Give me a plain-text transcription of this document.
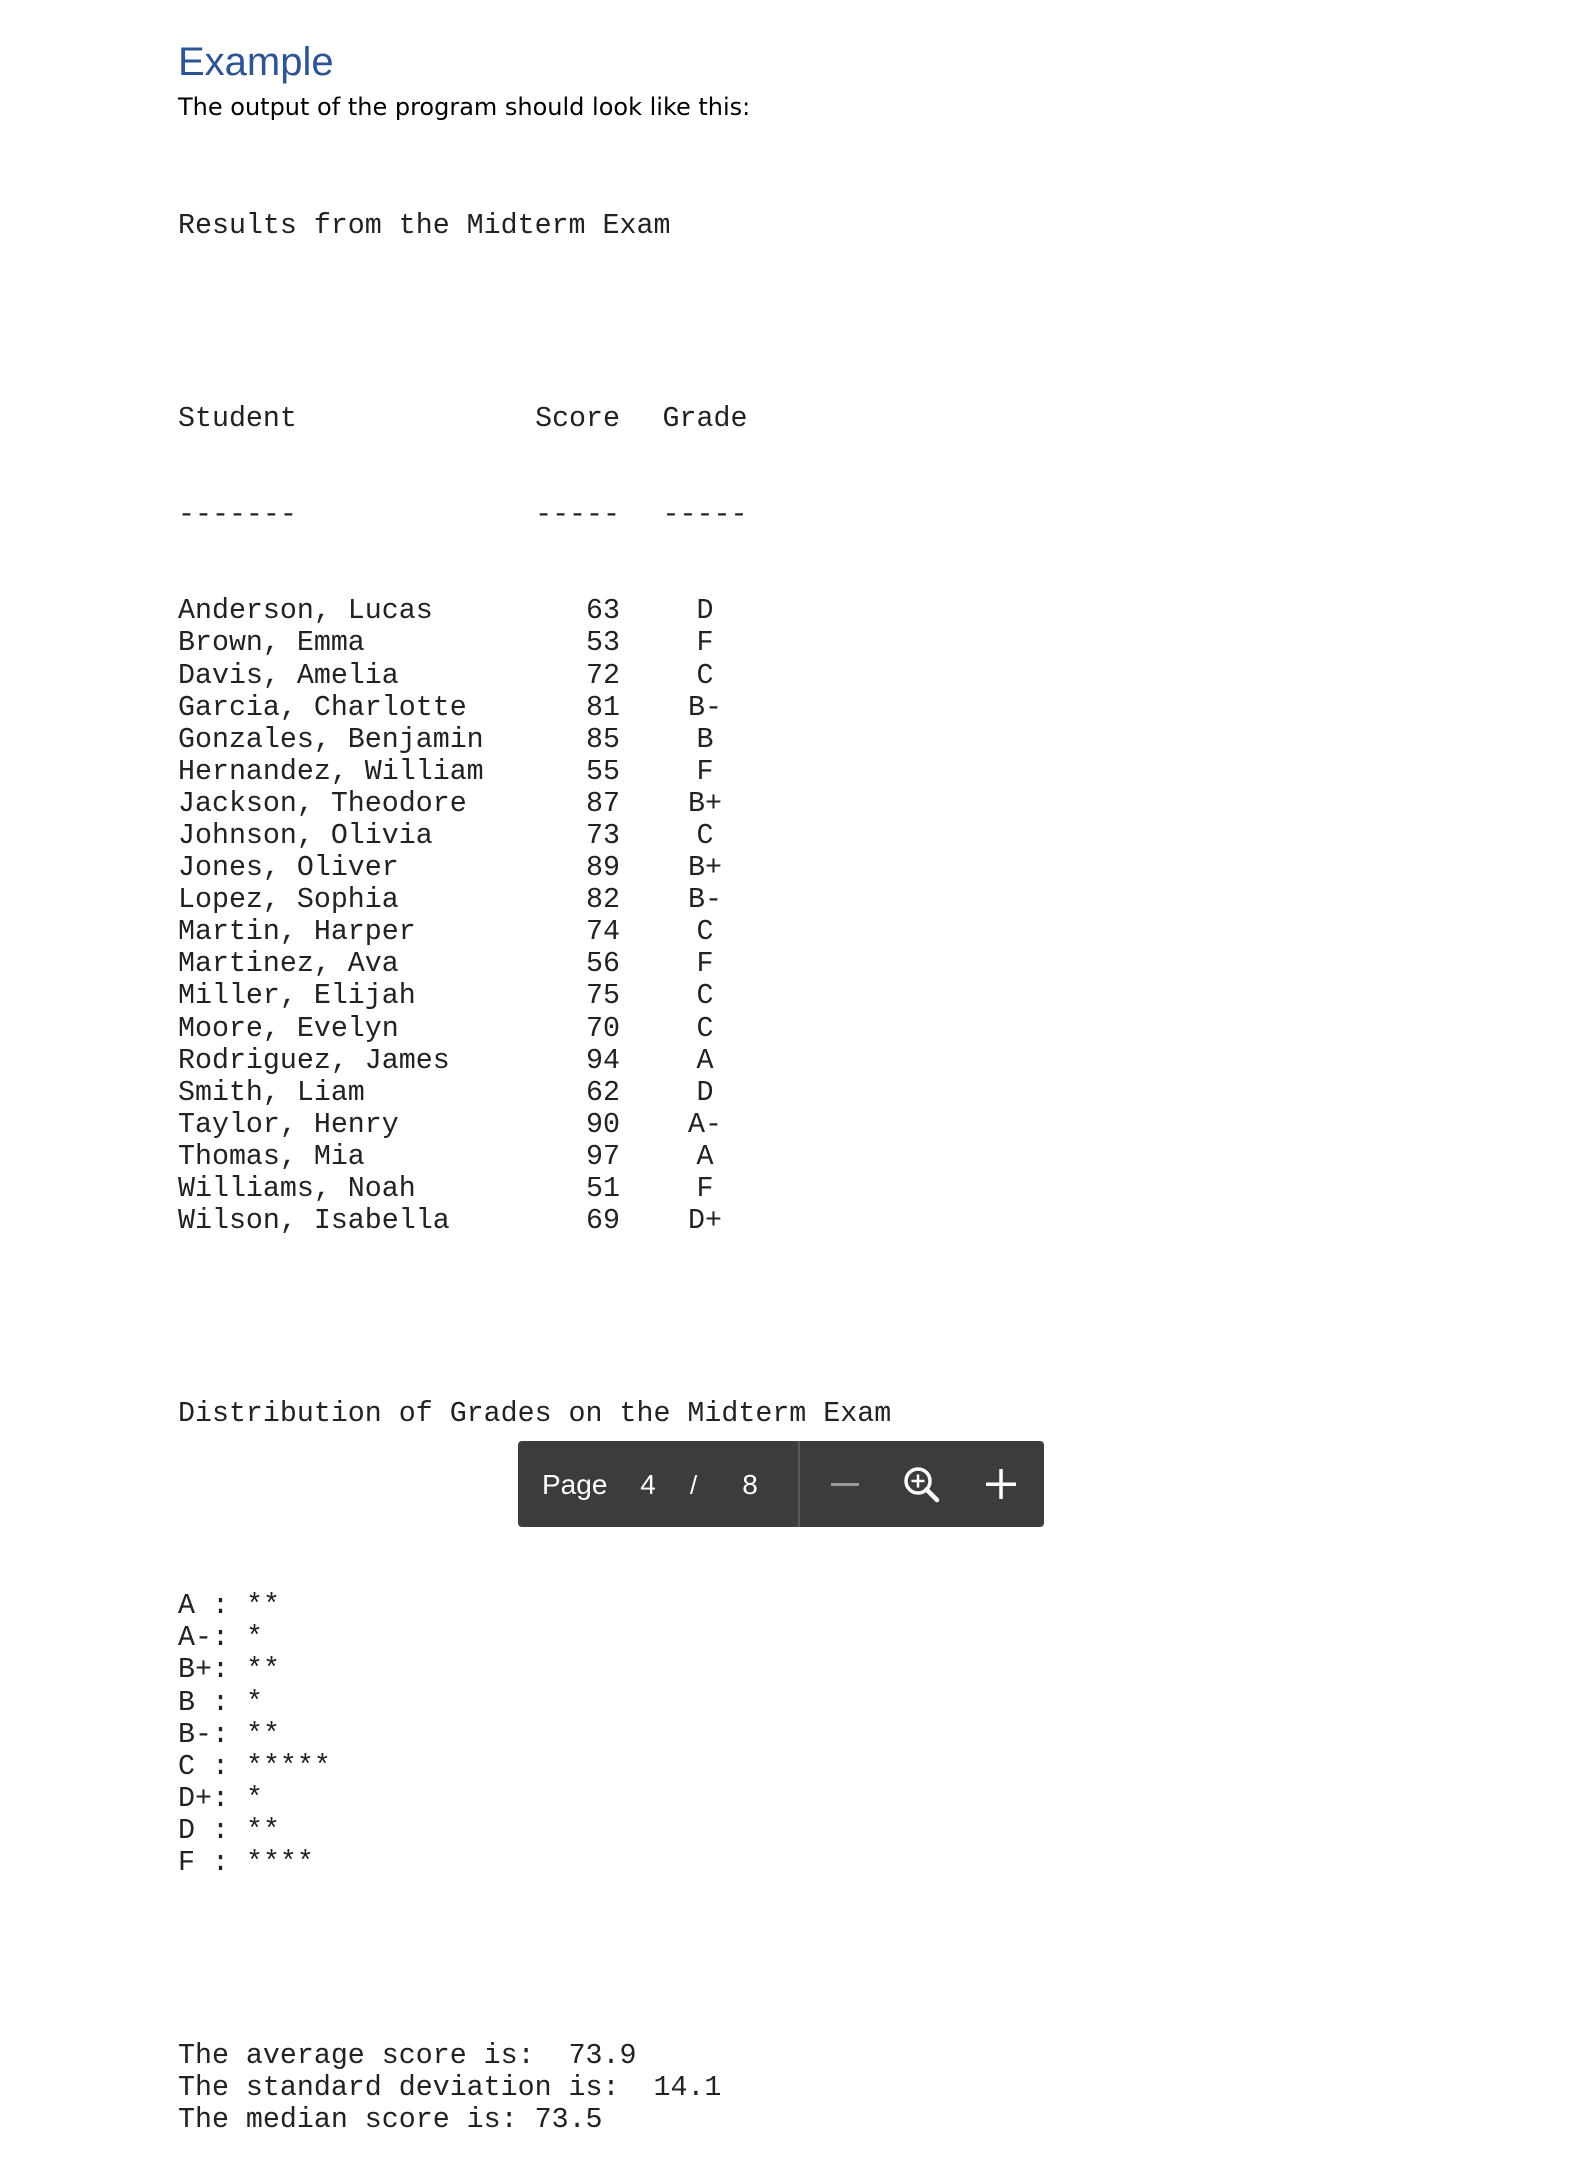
Example

The output of the program should look like this:

Results from the Midterm Exam

Student	Score Grade

-------	----- -----

Anderson, Lucas	63	D
Brown, Emma	53	F
Davis, Amelia	72	C
Garcia, Charlotte	81 B-
Gonzales, Benjamin	85	B
Hernandez, William	55	F
Jackson, Theodore	87 B+
Johnson, Olivia	73	C
Jones, Oliver	89 B+
Lopez, Sophia	82 B-
Martin, Harper	74	C
Martinez, Ava	56	F
Miller, Elijah	75	C
Moore, Evelyn	70	C
Rodriguez, James	94	A
Smith, Liam	62	D
Taylor, Henry	90 A-
Thomas, Mia	97	A
Williams, Noah	51	F
Wilson, Isabella	69 D+

Distribution of Grades on the Midterm Exam

A : **
A-: *
B+: **
B : *
B-: **
C : *****
D+: *
D : **
F : ****

The average score is:  73.9
The standard deviation is:  14.1
The median score is: 73.5

Page 4 / 8
